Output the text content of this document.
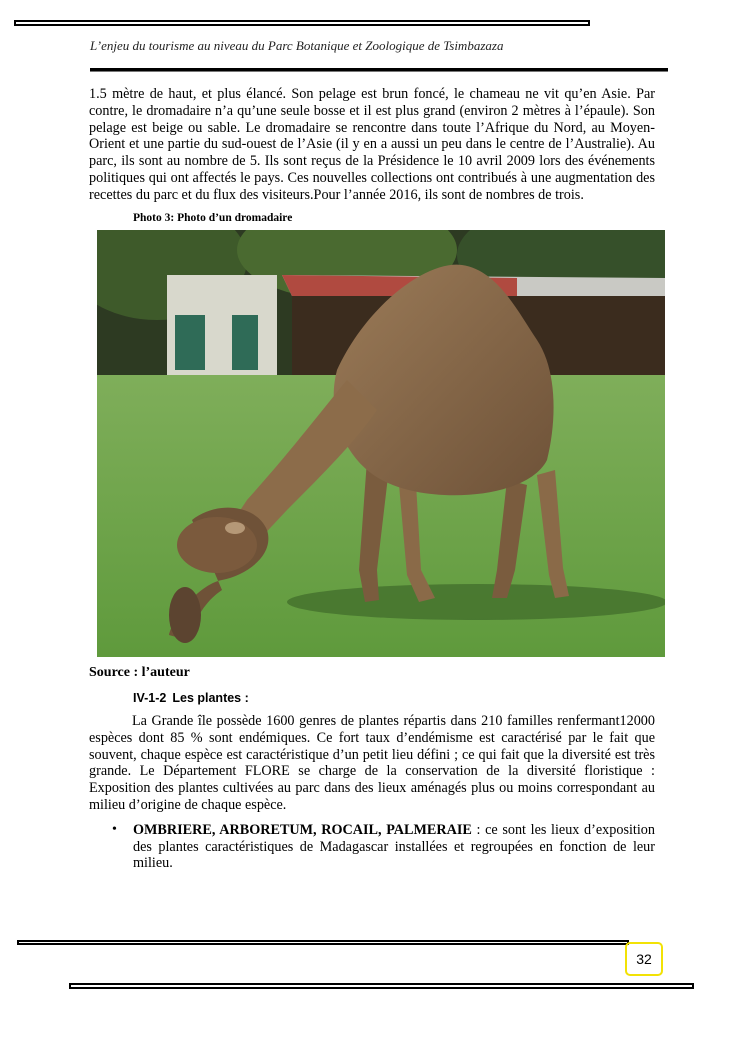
L’enjeu du tourisme au niveau du Parc Botanique et Zoologique de Tsimbazaza

1.5 mètre de haut, et plus élancé. Son pelage est brun foncé, le chameau ne vit qu’en Asie. Par contre, le dromadaire n’a qu’une seule bosse et il est plus grand (environ 2 mètres à l’épaule). Son pelage est beige ou sable. Le dromadaire se rencontre dans toute l’Afrique du Nord, au Moyen-Orient et une partie du sud-ouest de l’Asie (il y en a aussi un peu dans le centre de l’Australie). Au parc, ils sont au nombre de 5. Ils sont reçus de la Présidence le 10 avril 2009 lors des événements politiques qui ont affectés le pays. Ces nouvelles collections ont contribués à une augmentation des recettes du parc et du flux des visiteurs.Pour l’année 2016, ils sont de nombres de trois.

Photo 3: Photo d’un dromadaire
Source : l’auteur
IV-1-2 Les plantes :

La Grande île possède 1600 genres de plantes répartis dans 210 familles renfermant12000 espèces dont 85 % sont endémiques. Ce fort taux d’endémisme est caractérisé par le fait que souvent, chaque espèce est caractéristique d’un petit lieu défini ; ce qui fait que la diversité est très grande. Le Département FLORE se charge de la conservation de la diversité floristique : Exposition des plantes cultivées au parc dans des lieux aménagés plus ou moins correspondant au milieu d’origine de chaque espèce.

• OMBRIERE, ARBORETUM, ROCAIL, PALMERAIE : ce sont les lieux d’exposition des plantes caractéristiques de Madagascar installées et regroupées en fonction de leur milieu.
32
